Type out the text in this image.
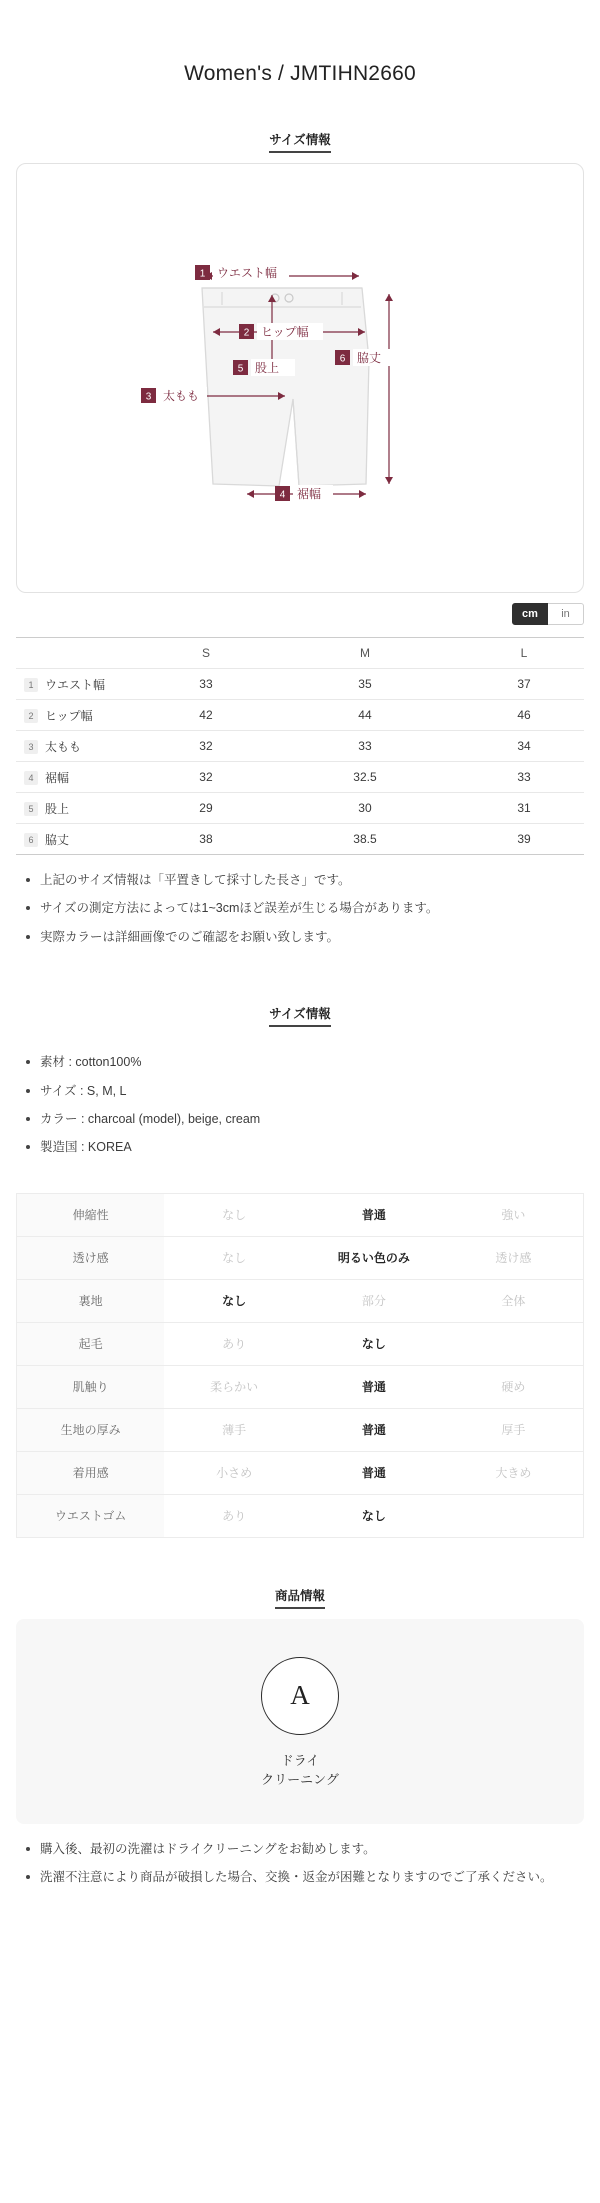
Women's / JMTIHN2660
サイズ情報
1 ウエスト幅
2 ヒップ幅
5 股上
6 脇丈
3 太もも
4 裾幅
cm	in
	S	M	L
1 ウエスト幅	33	35	37
2 ヒップ幅	42	44	46
3 太もも	32	33	34
4 裾幅	32	32.5	33
5 股上	29	30	31
6 脇丈	38	38.5	39
上記のサイズ情報は「平置きして採寸した長さ」です。
サイズの測定方法によっては1~3cmほど誤差が生じる場合があります。
実際カラーは詳細画像でのご確認をお願い致します。
サイズ情報
素材 : cotton100%
サイズ : S, M, L
カラー : charcoal (model), beige, cream
製造国 : KOREA
伸縮性	なし	普通	強い
透け感	なし	明るい色のみ	透け感
裏地	なし	部分	全体
起毛	あり	なし	
肌触り	柔らかい	普通	硬め
生地の厚み	薄手	普通	厚手
着用感	小さめ	普通	大きめ
ウエストゴム	あり	なし	
商品情報
A
ドライ
クリーニング
購入後、最初の洗濯はドライクリーニングをお勧めします。
洗濯不注意により商品が破損した場合、交換・返金が困難となりますのでご了承ください。
